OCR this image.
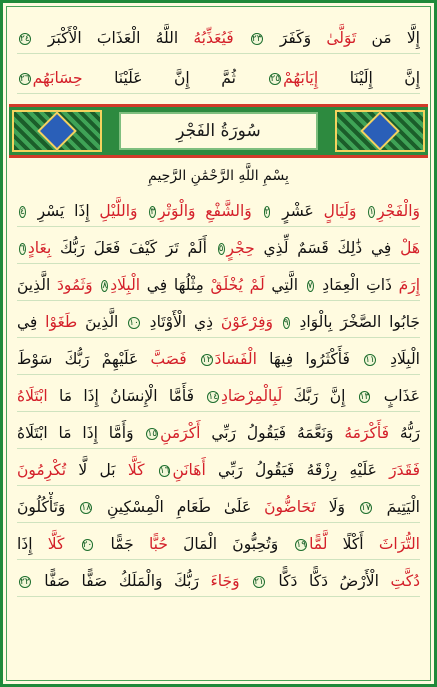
إِلَّا مَن تَوَلَّىٰ وَكَفَرَ ٢٣ فَيُعَذِّبُهُ اللَّهُ الْعَذَابَ الْأَكْبَرَ ٢٤
إِنَّ إِلَيْنَا إِيَابَهُمْ٢٥ ثُمَّ إِنَّ عَلَيْنَا حِسَابَهُم٢٦
سُورَةُ الفَجْرِ
بِسْمِ اللَّهِ الرَّحْمَٰنِ الرَّحِيمِ
وَالْفَجْرِ١ وَلَيَالٍ عَشْرٍ ٢ وَالشَّفْعِ وَالْوَتْرِ٣ وَاللَّيْلِ إِذَا يَسْرِ ٤
هَلْ فِي ذَٰلِكَ قَسَمٌ لِّذِي حِجْرٍ٥ أَلَمْ تَرَ كَيْفَ فَعَلَ رَبُّكَ بِعَادٍ٦
إِرَمَ ذَاتِ الْعِمَادِ ٧ الَّتِي لَمْ يُخْلَقْ مِثْلُهَا فِي الْبِلَادِ٨ وَثَمُودَ الَّذِينَ
جَابُوا الصَّخْرَ بِالْوَادِ ٩ وَفِرْعَوْنَ ذِي الْأَوْتَادِ ١٠ الَّذِينَ طَغَوْا فِي
الْبِلَادِ ١١ فَأَكْثَرُوا فِيهَا الْفَسَادَ١٢ فَصَبَّ عَلَيْهِمْ رَبُّكَ سَوْطَ
عَذَابٍ ١٣ إِنَّ رَبَّكَ لَبِالْمِرْصَادِ١٤ فَأَمَّا الْإِنسَانُ إِذَا مَا ابْتَلَاهُ
رَبُّهُ فَأَكْرَمَهُ وَنَعَّمَهُ فَيَقُولُ رَبِّي أَكْرَمَنِ١٥ وَأَمَّا إِذَا مَا ابْتَلَاهُ
فَقَدَرَ عَلَيْهِ رِزْقَهُ فَيَقُولُ رَبِّي أَهَانَنِ١٦ كَلَّا بَل لَّا تُكْرِمُونَ
الْيَتِيمَ ١٧ وَلَا تَحَاضُّونَ عَلَىٰ طَعَامِ الْمِسْكِينِ ١٨ وَتَأْكُلُونَ
التُّرَاثَ أَكْلًا لَّمًّا١٩ وَتُحِبُّونَ الْمَالَ حُبًّا جَمًّا ٢٠ كَلَّا إِذَا
دُكَّتِ الْأَرْضُ دَكًّا دَكًّا ٢١ وَجَاءَ رَبُّكَ وَالْمَلَكُ صَفًّا صَفًّا ٢٢
